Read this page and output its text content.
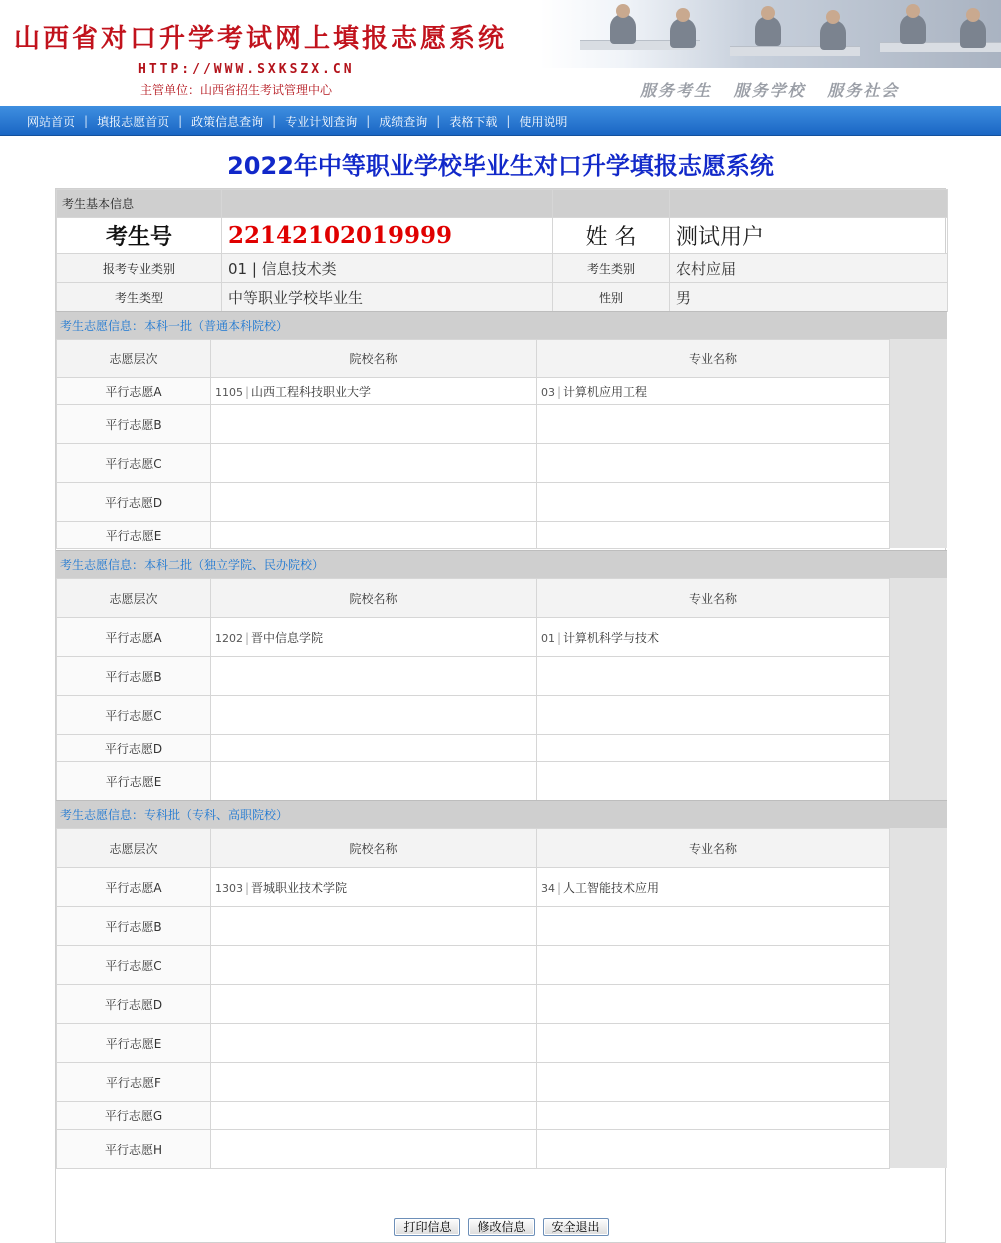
山西省对口升学考试网上填报志愿系统
HTTP://WWW.SXKSZX.CN
主管单位：山西省招生考试管理中心	服务考生 服务学校 服务社会
网站首页 | 填报志愿首页 | 政策信息查询 | 专业计划查询 | 成绩查询 | 表格下载 | 使用说明
2022年中等职业学校毕业生对口升学填报志愿系统
考生基本信息			
考生号	22142102019999	姓 名	测试用户
报考专业类别	01 | 信息技术类	考生类别	农村应届
考生类型	中等职业学校毕业生	性别	男
考生志愿信息：本科一批（普通本科院校）
志愿层次	院校名称	专业名称
平行志愿A	1105 | 山西工程科技职业大学	03 | 计算机应用工程
平行志愿B		
平行志愿C		
平行志愿D		
平行志愿E		
考生志愿信息：本科二批（独立学院、民办院校）
志愿层次	院校名称	专业名称
平行志愿A	1202 | 晋中信息学院	01 | 计算机科学与技术
平行志愿B		
平行志愿C		
平行志愿D		
平行志愿E		
考生志愿信息：专科批（专科、高职院校）
志愿层次	院校名称	专业名称
平行志愿A	1303 | 晋城职业技术学院	34 | 人工智能技术应用
平行志愿B		
平行志愿C		
平行志愿D		
平行志愿E		
平行志愿F		
平行志愿G		
平行志愿H		
打印信息	修改信息	安全退出
